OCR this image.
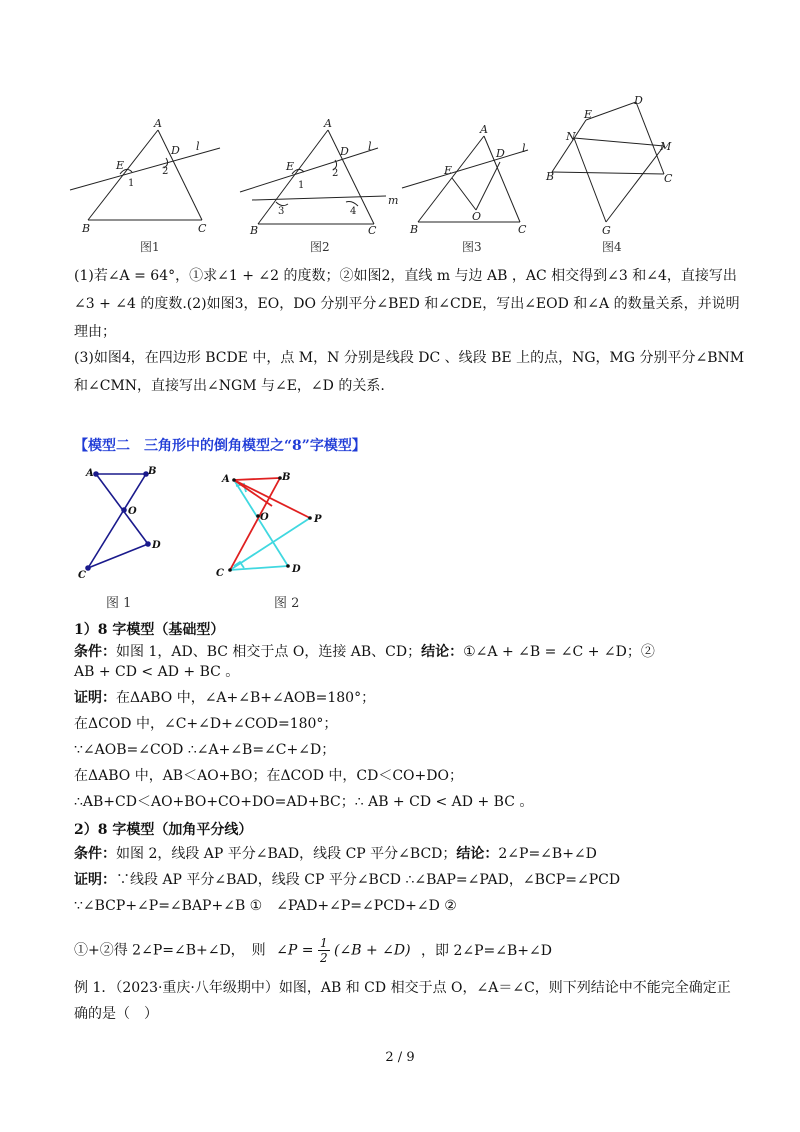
A
B	C
D
E
l
1
2
图1
A
B	C
D
E
l
m
1
2
3	4
图2
A
B	C
D
E
O
l
图3
D
E
N
M
B	C
G
图4
(1)若∠A = 64°，①求∠1 + ∠2 的度数；②如图2，直线 m 与边 AB ，AC 相交得到∠3 和∠4，直接写出
∠3 + ∠4 的度数.(2)如图3，EO，DO 分别平分∠BED 和∠CDE，写出∠EOD 和∠A 的数量关系，并说明
理由；
(3)如图4，在四边形 BCDE 中，点 M，N 分别是线段 DC 、线段 BE 上的点，NG，MG 分别平分∠BNM
和∠CMN，直接写出∠NGM 与∠E，∠D 的关系.
【模型二　三角形中的倒角模型之“8”字模型】
A	B
C
D
O
图 1
A	B
C	D
O	P
图 2
1）8 字模型（基础型）
条件：如图 1，AD、BC 相交于点 O，连接 AB、CD；结论：①∠A + ∠B = ∠C + ∠D；②
AB + CD < AD + BC 。
证明：在ΔABO 中，∠A+∠B+∠AOB=180°；
在ΔCOD 中，∠C+∠D+∠COD=180°；
∵∠AOB=∠COD ∴∠A+∠B=∠C+∠D；
在ΔABO 中，AB＜AO+BO；在ΔCOD 中，CD＜CO+DO；
∴AB+CD＜AO+BO+CO+DO=AD+BC；∴ AB + CD < AD + BC 。
2）8 字模型（加角平分线）
条件：如图 2，线段 AP 平分∠BAD，线段 CP 平分∠BCD；结论：2∠P=∠B+∠D
证明：∵线段 AP 平分∠BAD，线段 CP 平分∠BCD ∴∠BAP=∠PAD，∠BCP=∠PCD
∵∠BCP+∠P=∠BAP+∠B ①　∠PAD+∠P=∠PCD+∠D ②
①+②得 2∠P=∠B+∠D，　则 ∠P = $\frac{1}{2}$ (∠B + ∠D) ，即 2∠P=∠B+∠D
例 1．（2023·重庆·八年级期中）如图，AB 和 CD 相交于点 O，∠A＝∠C，则下列结论中不能完全确定正
确的是（　）
2 / 9
